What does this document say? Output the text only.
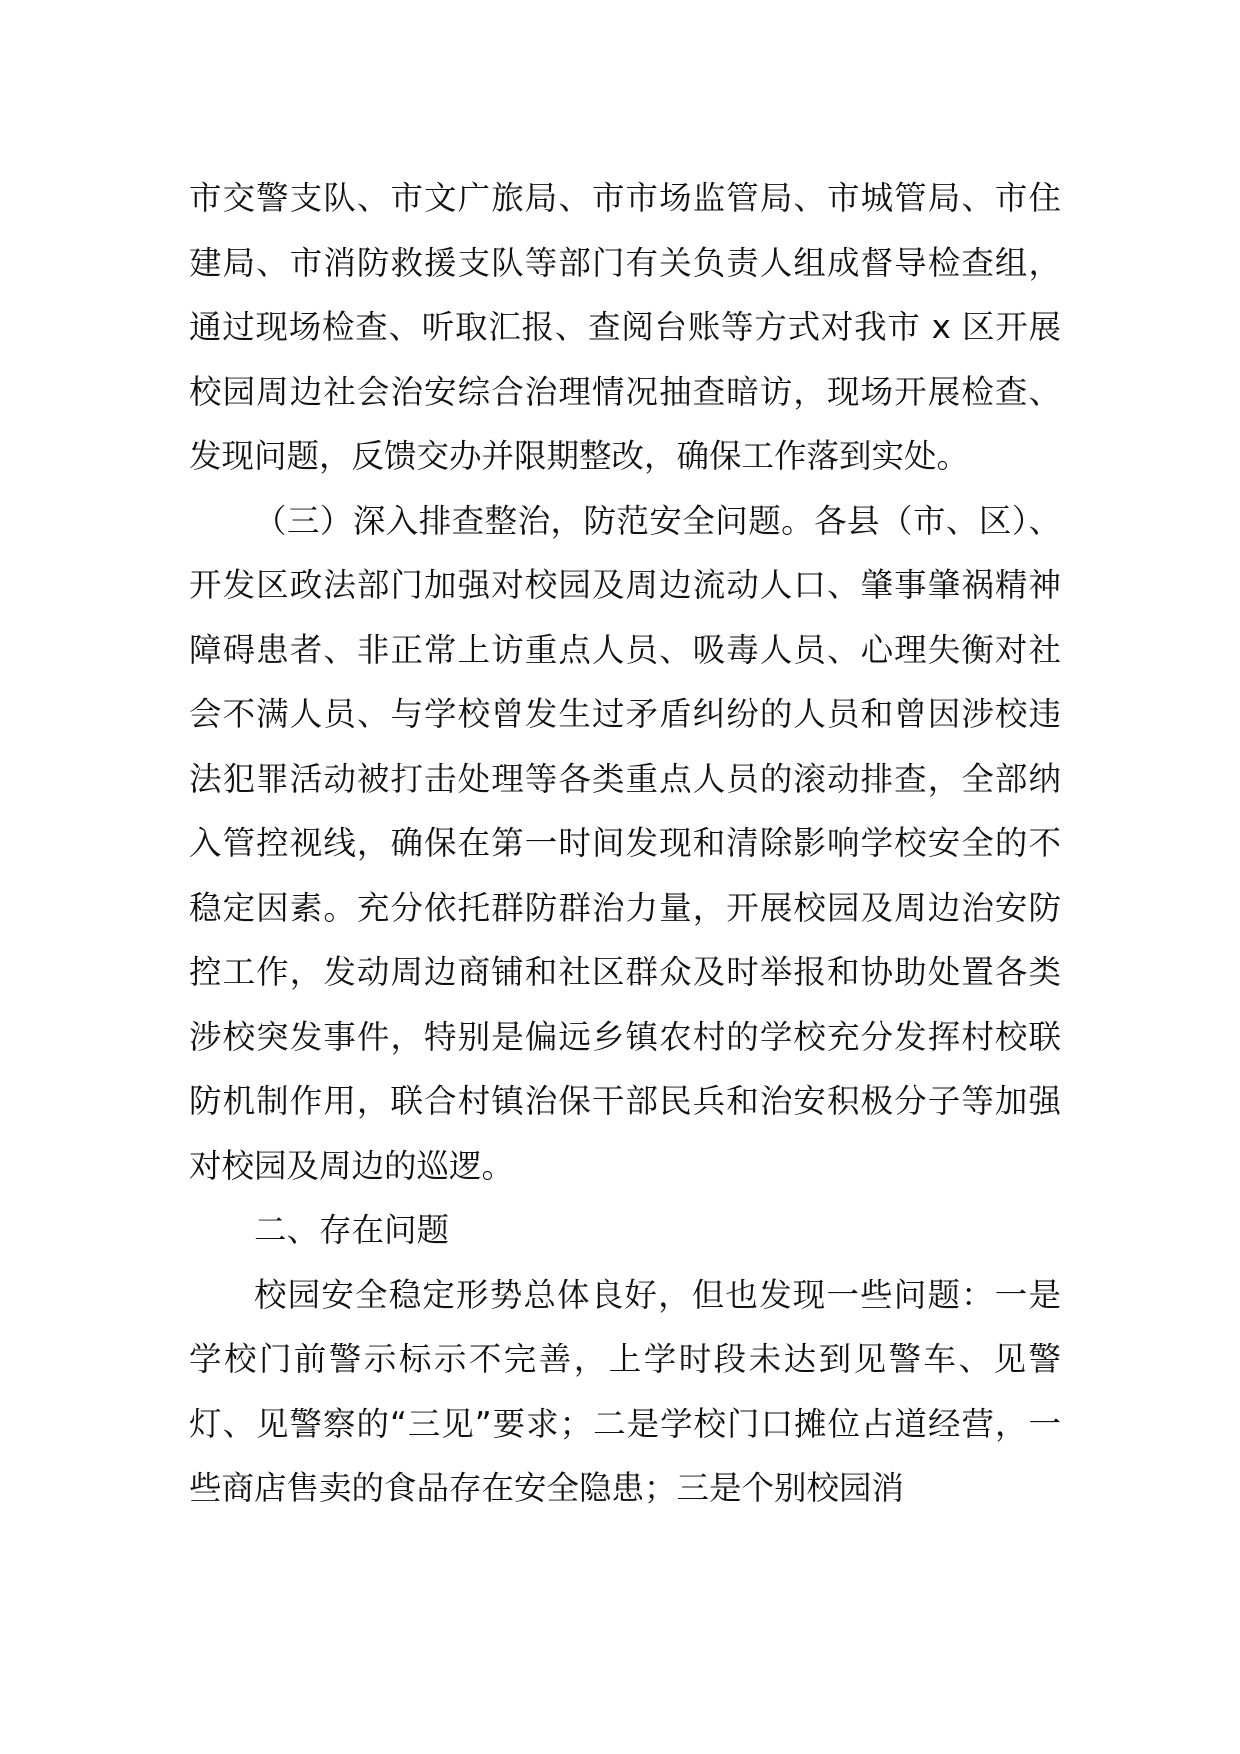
市交警支队、市文广旅局、市市场监管局、市城管局、市住建局、市消防救援支队等部门有关负责人组成督导检查组，通过现场检查、听取汇报、查阅台账等方式对我市 x 区开展校园周边社会治安综合治理情况抽查暗访，现场开展检查、发现问题，反馈交办并限期整改，确保工作落到实处。

（三）深入排查整治，防范安全问题。各县（市、区）、开发区政法部门加强对校园及周边流动人口、肇事肇祸精神障碍患者、非正常上访重点人员、吸毒人员、心理失衡对社会不满人员、与学校曾发生过矛盾纠纷的人员和曾因涉校违法犯罪活动被打击处理等各类重点人员的滚动排查，全部纳入管控视线，确保在第一时间发现和清除影响学校安全的不稳定因素。充分依托群防群治力量，开展校园及周边治安防控工作，发动周边商铺和社区群众及时举报和协助处置各类涉校突发事件，特别是偏远乡镇农村的学校充分发挥村校联防机制作用，联合村镇治保干部民兵和治安积极分子等加强对校园及周边的巡逻。

二、存在问题

校园安全稳定形势总体良好，但也发现一些问题：一是学校门前警示标示不完善，上学时段未达到见警车、见警灯、见警察的“三见”要求；二是学校门口摊位占道经营，一些商店售卖的食品存在安全隐患；三是个别校园消
